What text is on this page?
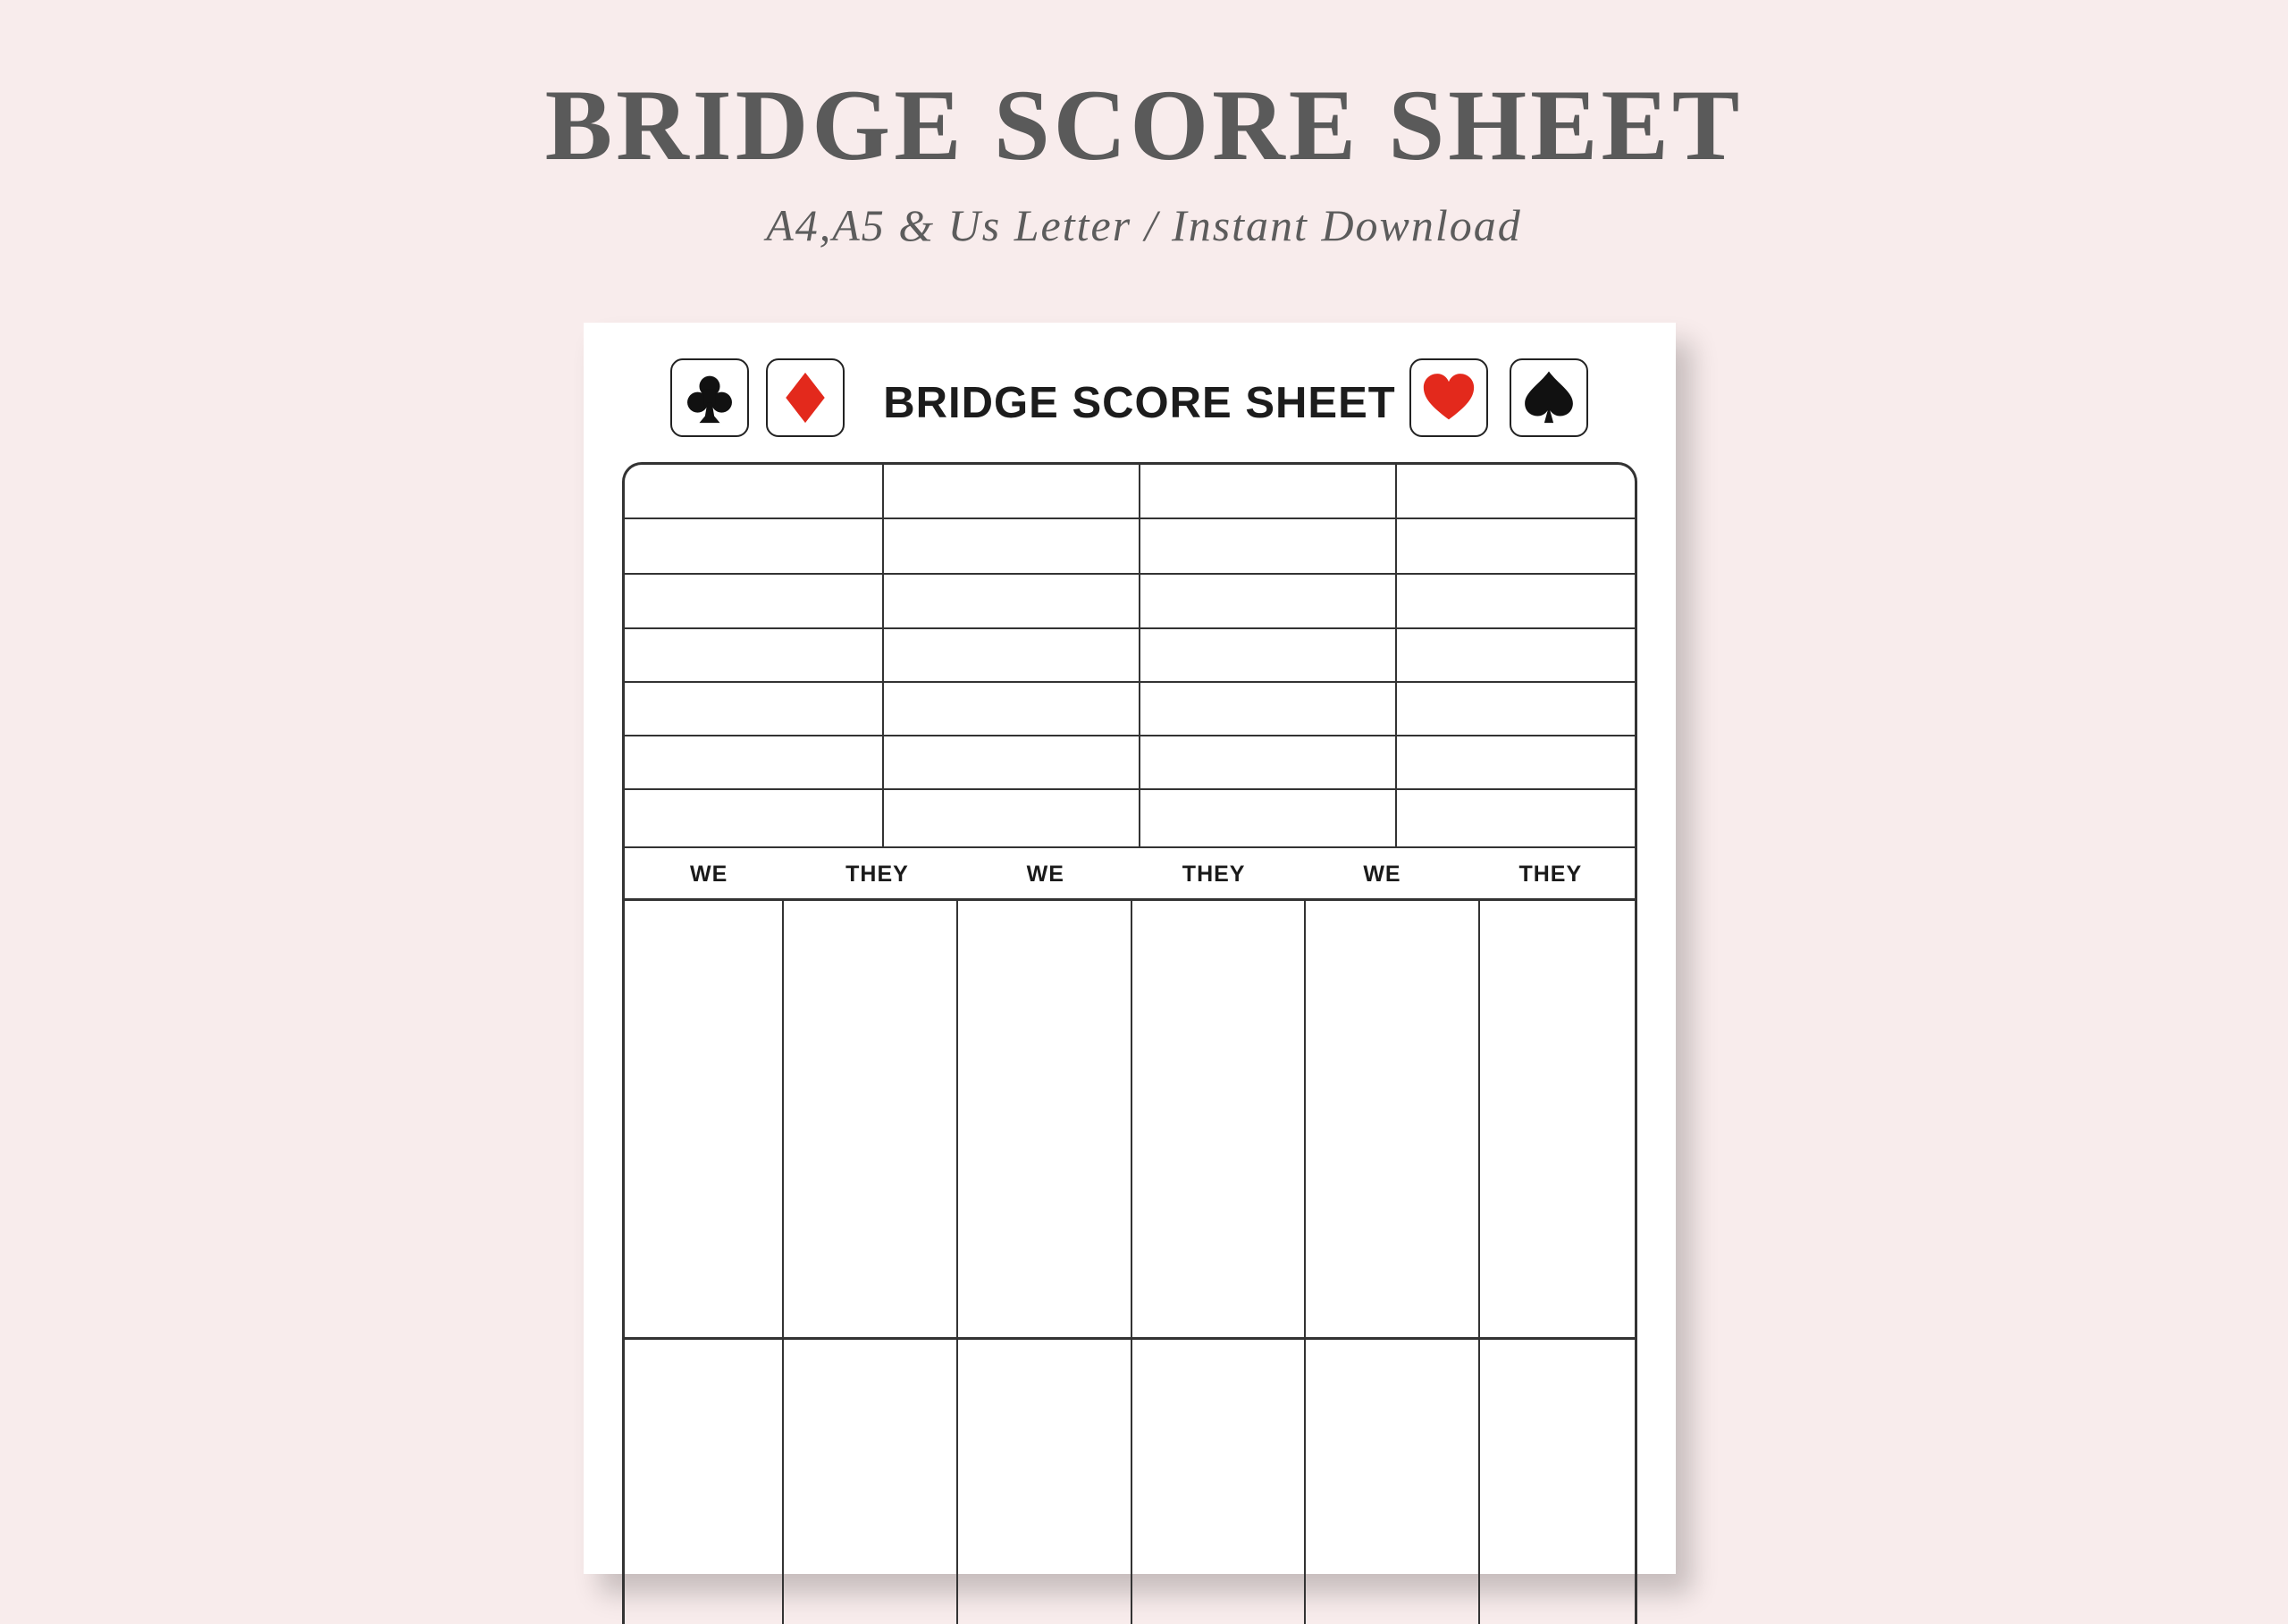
BRIDGE SCORE SHEET

A4,A5 & Us Letter / Instant Download

BRIDGE SCORE SHEET
WE	THEY	WE	THEY	WE	THEY
